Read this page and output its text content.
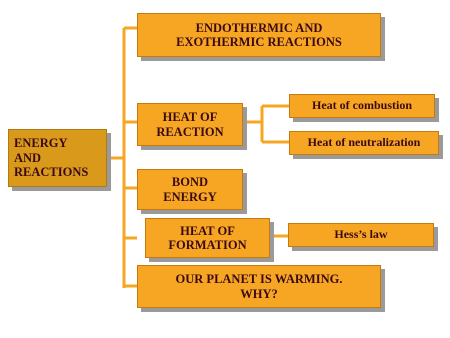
ENERGY
AND
REACTIONS
ENDOTHERMIC AND
EXOTHERMIC REACTIONS
HEAT OF
REACTION
BOND
ENERGY
HEAT OF
FORMATION
OUR PLANET IS WARMING.
WHY?
Heat of combustion
Heat of neutralization
Hess’s law
